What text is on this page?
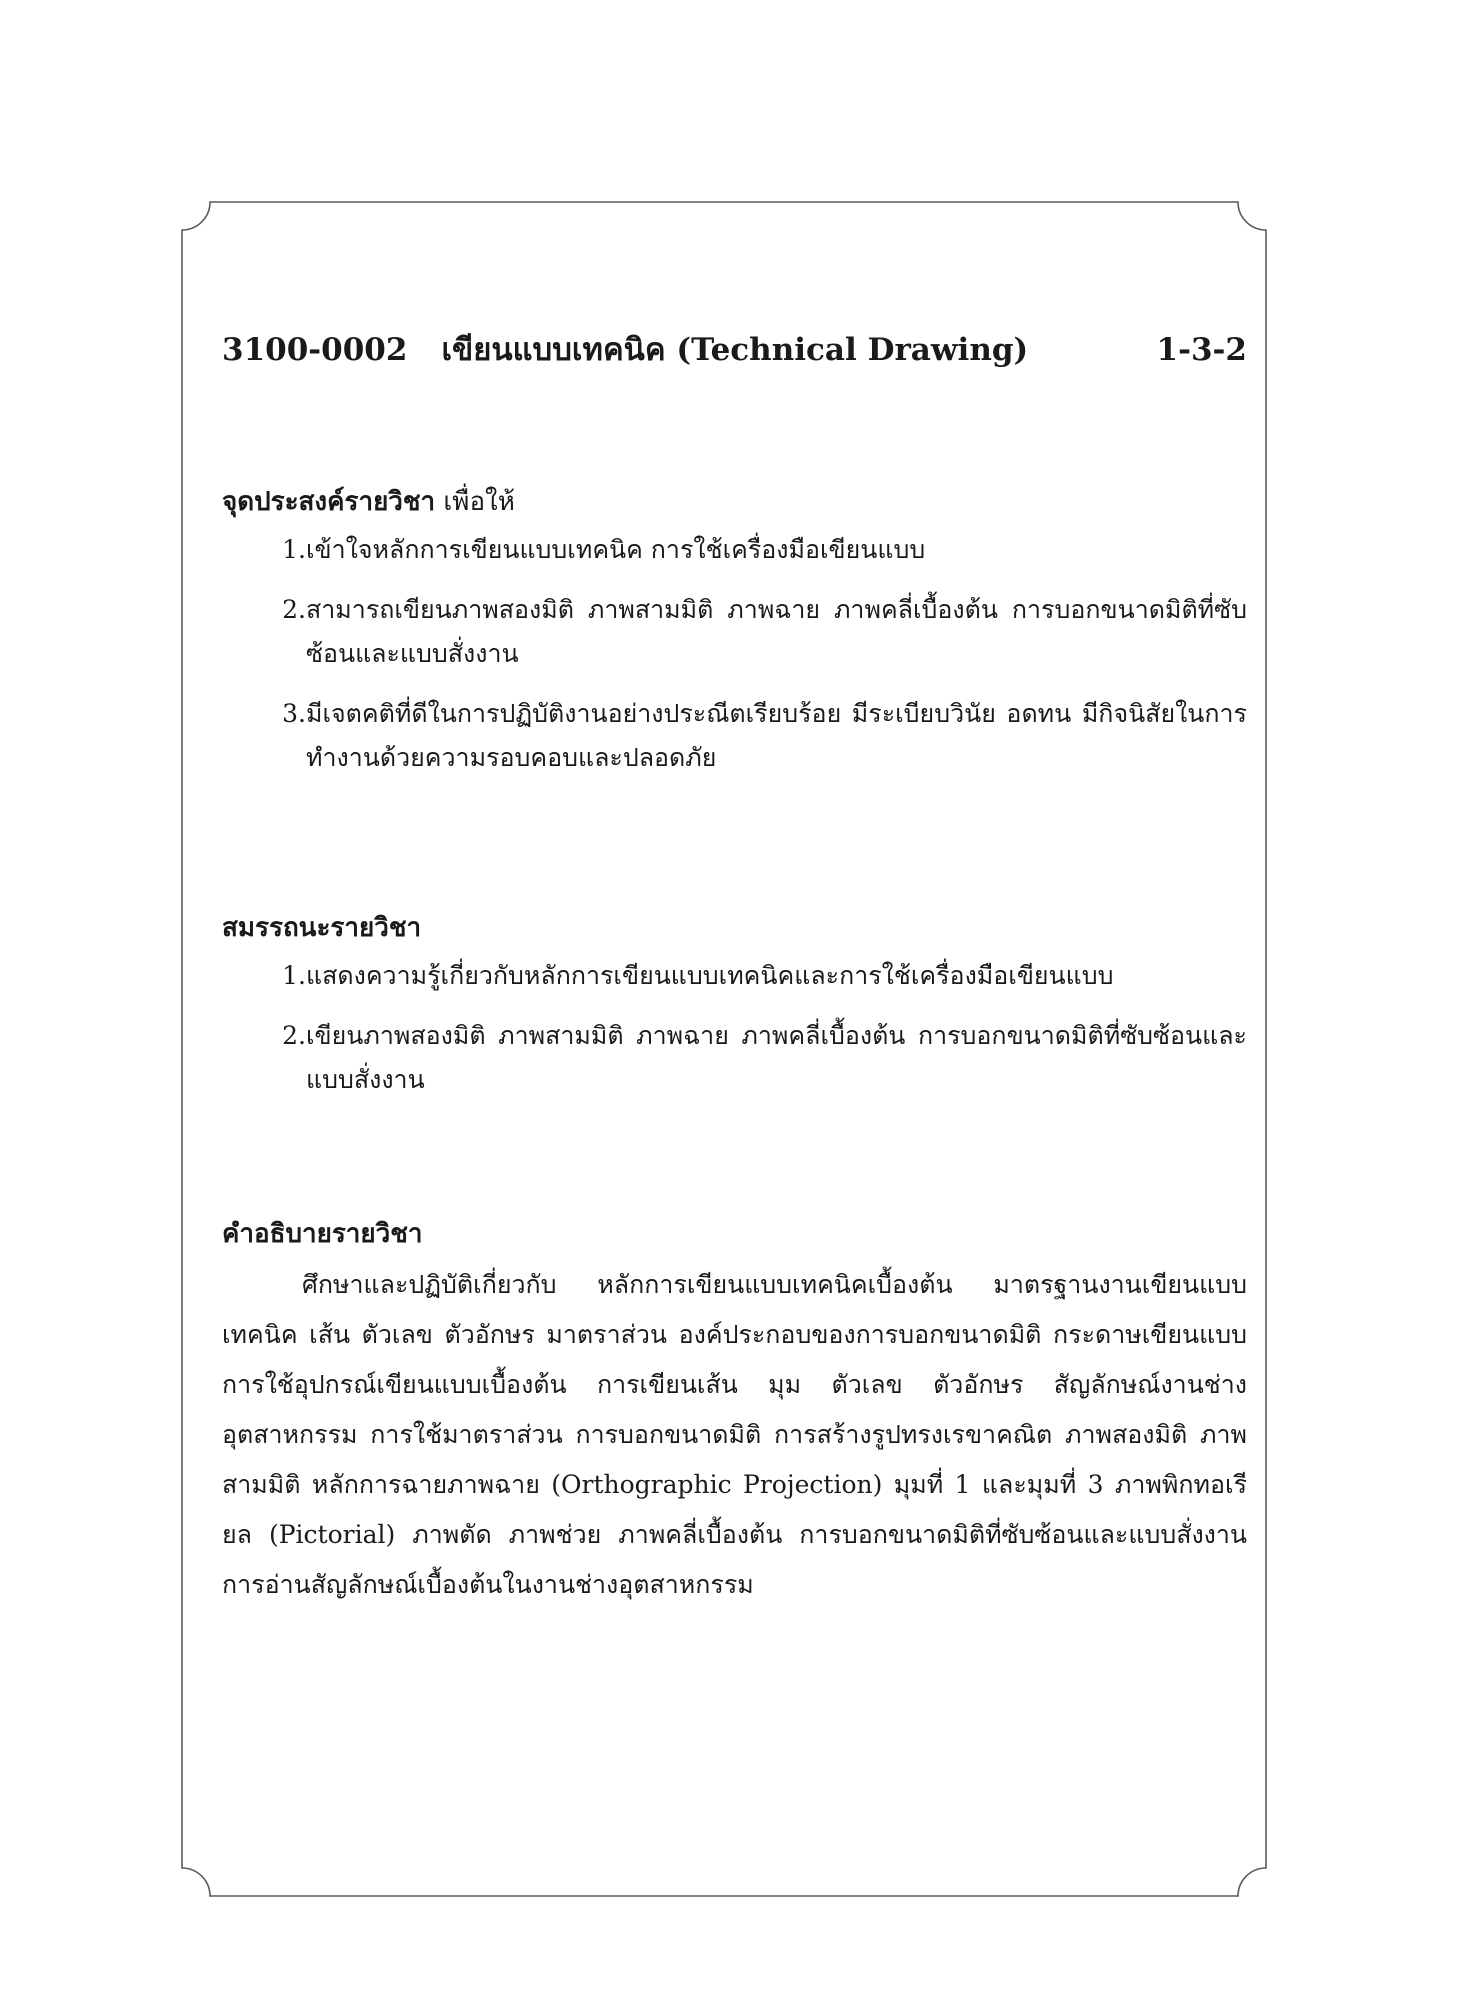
3100-0002 เขียนแบบเทคนิค (Technical Drawing)	1-3-2

จุดประสงค์รายวิชา เพื่อให้

1. เข้าใจหลักการเขียนแบบเทคนิค การใช้เครื่องมือเขียนแบบ
2. สามารถเขียนภาพสองมิติ ภาพสามมิติ ภาพฉาย ภาพคลี่เบื้องต้น การบอกขนาดมิติที่ซับซ้อนและแบบสั่งงาน
3. มีเจตคติที่ดีในการปฏิบัติงานอย่างประณีตเรียบร้อย มีระเบียบวินัย อดทน มีกิจนิสัยในการทำงานด้วยความรอบคอบและปลอดภัย

สมรรถนะรายวิชา

1. แสดงความรู้เกี่ยวกับหลักการเขียนแบบเทคนิคและการใช้เครื่องมือเขียนแบบ
2. เขียนภาพสองมิติ ภาพสามมิติ ภาพฉาย ภาพคลี่เบื้องต้น การบอกขนาดมิติที่ซับซ้อนและแบบสั่งงาน

คำอธิบายรายวิชา

ศึกษาและปฏิบัติเกี่ยวกับ หลักการเขียนแบบเทคนิคเบื้องต้น มาตรฐานงานเขียนแบบเทคนิค เส้น ตัวเลข ตัวอักษร มาตราส่วน องค์ประกอบของการบอกขนาดมิติ กระดาษเขียนแบบ การใช้อุปกรณ์เขียนแบบเบื้องต้น การเขียนเส้น มุม ตัวเลข ตัวอักษร สัญลักษณ์งานช่างอุตสาหกรรม การใช้มาตราส่วน การบอกขนาดมิติ การสร้างรูปทรงเรขาคณิต ภาพสองมิติ ภาพสามมิติ หลักการฉายภาพฉาย (Orthographic Projection) มุมที่ 1 และมุมที่ 3 ภาพพิกทอเรียล (Pictorial) ภาพตัด ภาพช่วย ภาพคลี่เบื้องต้น การบอกขนาดมิติที่ซับซ้อนและแบบสั่งงาน การอ่านสัญลักษณ์เบื้องต้นในงานช่างอุตสาหกรรม
